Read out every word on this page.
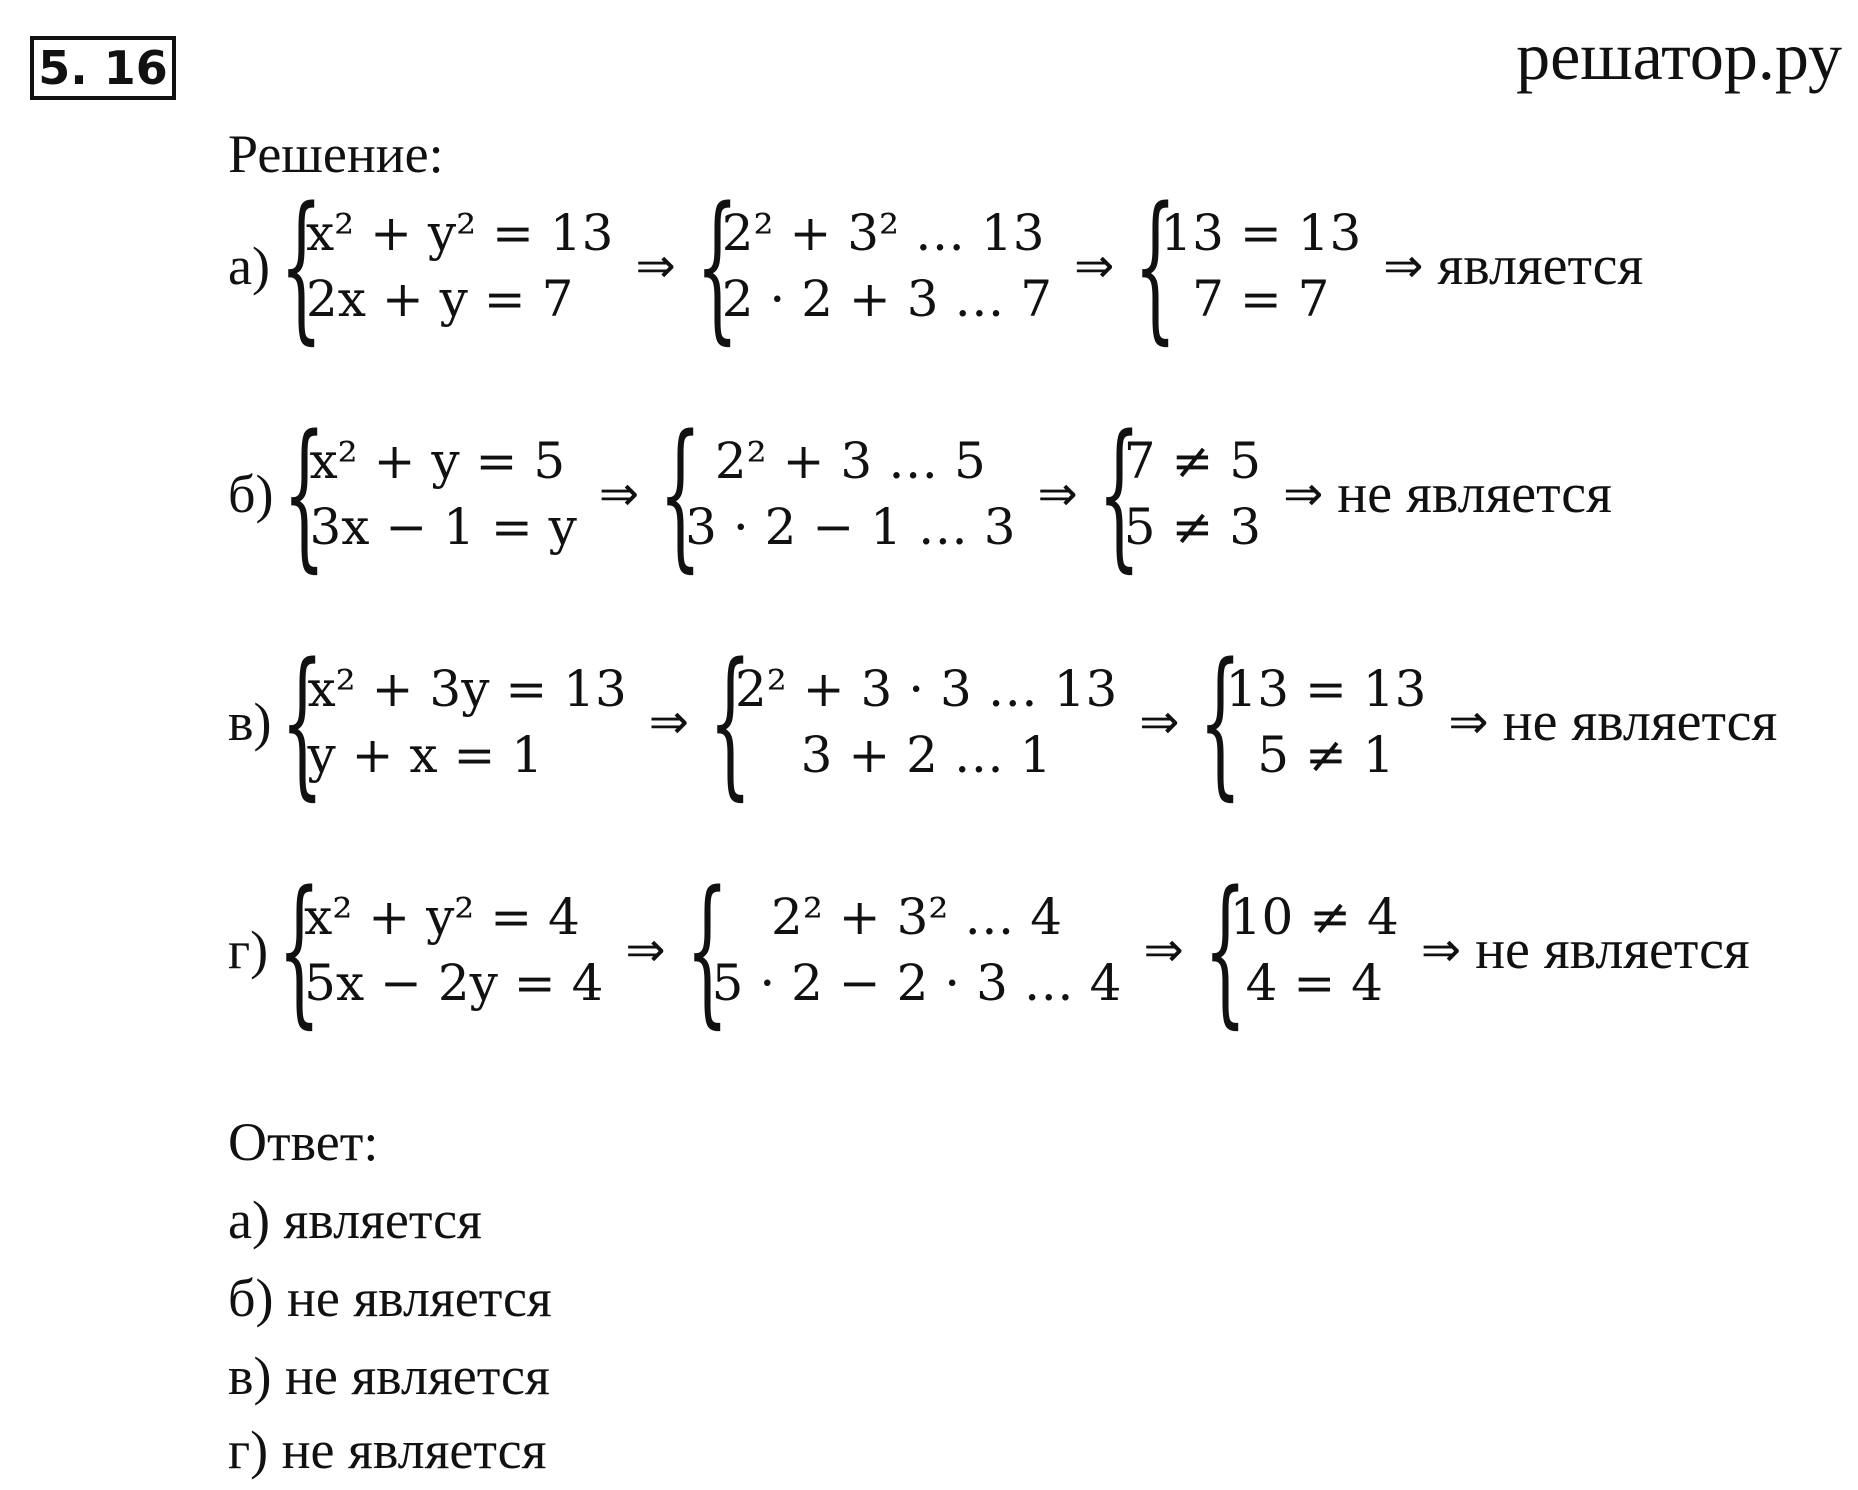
5. 16	решатор.ру
Решение:
а) {
x² + y² = 13
2x + y = 7
⇒ {
2² + 3² … 13
2 · 2 + 3 … 7
⇒ {
13 = 13
7 = 7
⇒ является
б) {
x² + y = 5
3x − 1 = y
⇒ { 2² + 3 … 5
3 · 2 − 1 … 3
⇒ {
7 ≠ 5
5 ≠ 3
⇒ не является
в) {
x² + 3y = 13
y + x = 1
⇒ {
2² + 3 · 3 … 13
3 + 2 … 1
⇒ {
13 = 13
5 ≠ 1
⇒ не является
г) {
x² + y² = 4
5x − 2y = 4
⇒ { 2² + 3² … 4
5 · 2 − 2 · 3 … 4
⇒ {
10 ≠ 4
4 = 4
⇒ не является
Ответ:
а) является
б) не является
в) не является
г) не является
